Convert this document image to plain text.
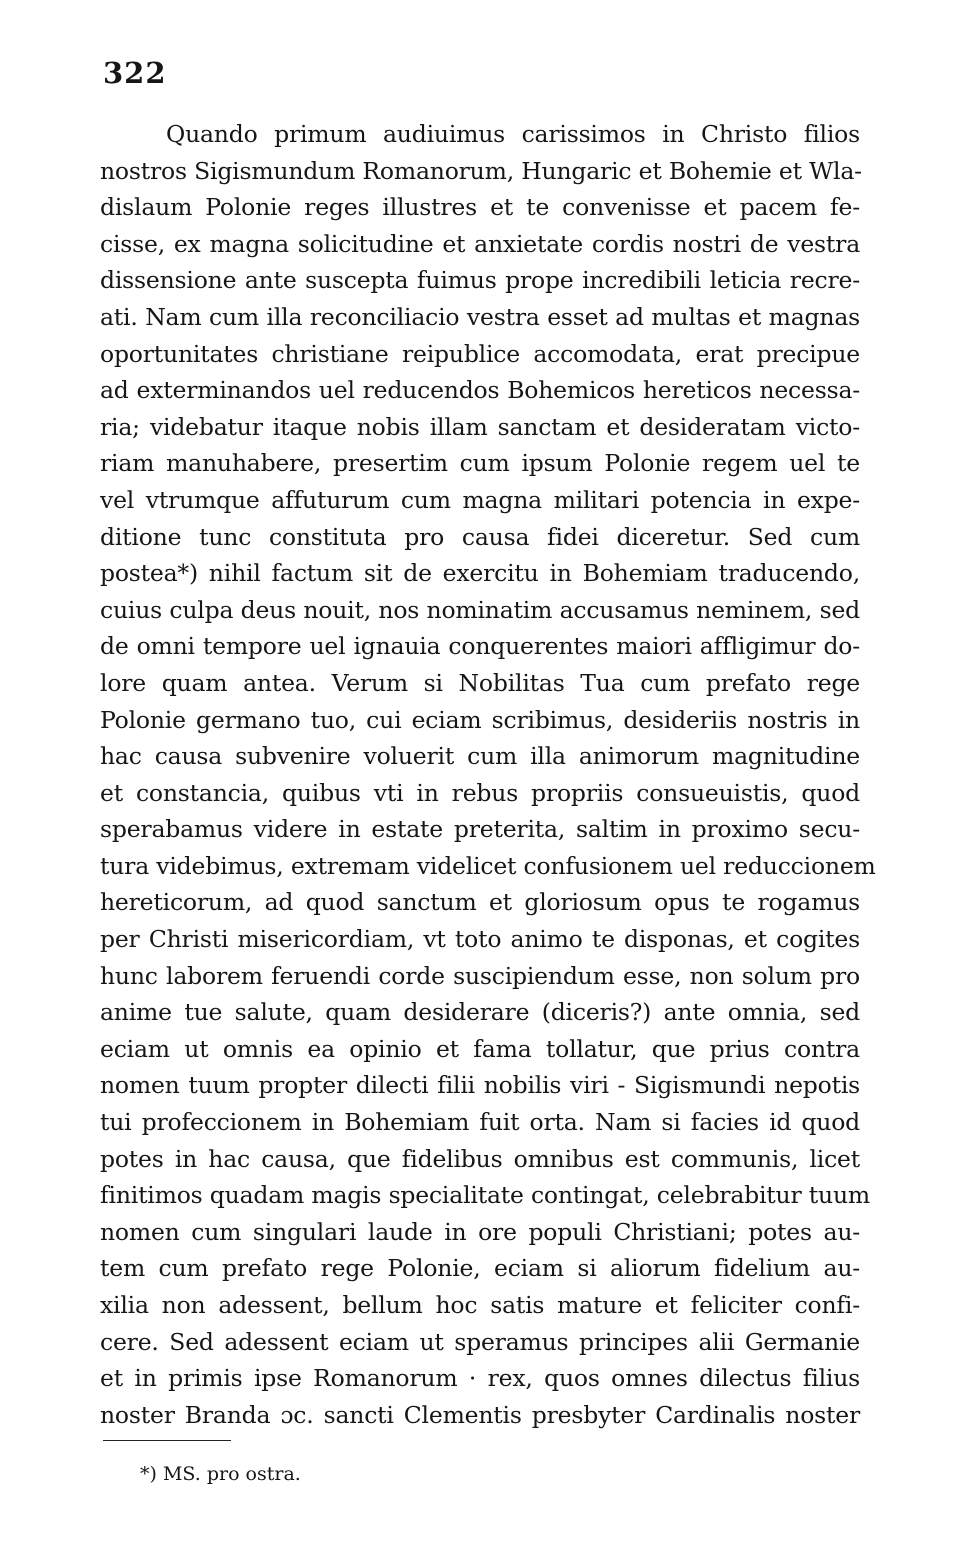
322
Quando primum audiuimus carissimos in Christo filios
nostros Sigismundum Romanorum, Hungaric et Bohemie et Wla-
dislaum Polonie reges illustres et te convenisse et pacem fe-
cisse, ex magna solicitudine et anxietate cordis nostri de vestra
dissensione ante suscepta fuimus prope incredibili leticia recre-
ati. Nam cum illa reconciliacio vestra esset ad multas et magnas
oportunitates christiane reipublice accomodata, erat precipue
ad exterminandos uel reducendos Bohemicos hereticos necessa-
ria; videbatur itaque nobis illam sanctam et desideratam victo-
riam manuhabere, presertim cum ipsum Polonie regem uel te
vel vtrumque affuturum cum magna militari potencia in expe-
ditione tunc constituta pro causa fidei diceretur. Sed cum
postea*) nihil factum sit de exercitu in Bohemiam traducendo,
cuius culpa deus nouit, nos nominatim accusamus neminem, sed
de omni tempore uel ignauia conquerentes maiori affligimur do-
lore quam antea. Verum si Nobilitas Tua cum prefato rege
Polonie germano tuo, cui eciam scribimus, desideriis nostris in
hac causa subvenire voluerit cum illa animorum magnitudine
et constancia, quibus vti in rebus propriis consueuistis, quod
sperabamus videre in estate preterita, saltim in proximo secu-
tura videbimus, extremam videlicet confusionem uel reduccionem
hereticorum, ad quod sanctum et gloriosum opus te rogamus
per Christi misericordiam, vt toto animo te disponas, et cogites
hunc laborem feruendi corde suscipiendum esse, non solum pro
anime tue salute, quam desiderare (diceris?) ante omnia, sed
eciam ut omnis ea opinio et fama tollatur, que prius contra
nomen tuum propter dilecti filii nobilis viri - Sigismundi nepotis
tui profeccionem in Bohemiam fuit orta. Nam si facies id quod
potes in hac causa, que fidelibus omnibus est communis, licet
finitimos quadam magis specialitate contingat, celebrabitur tuum
nomen cum singulari laude in ore populi Christiani; potes au-
tem cum prefato rege Polonie, eciam si aliorum fidelium au-
xilia non adessent, bellum hoc satis mature et feliciter confi-
cere. Sed adessent eciam ut speramus principes alii Germanie
et in primis ipse Romanorum · rex, quos omnes dilectus filius
noster Branda ɔc. sancti Clementis presbyter Cardinalis noster
*) MS. pro ostra.
